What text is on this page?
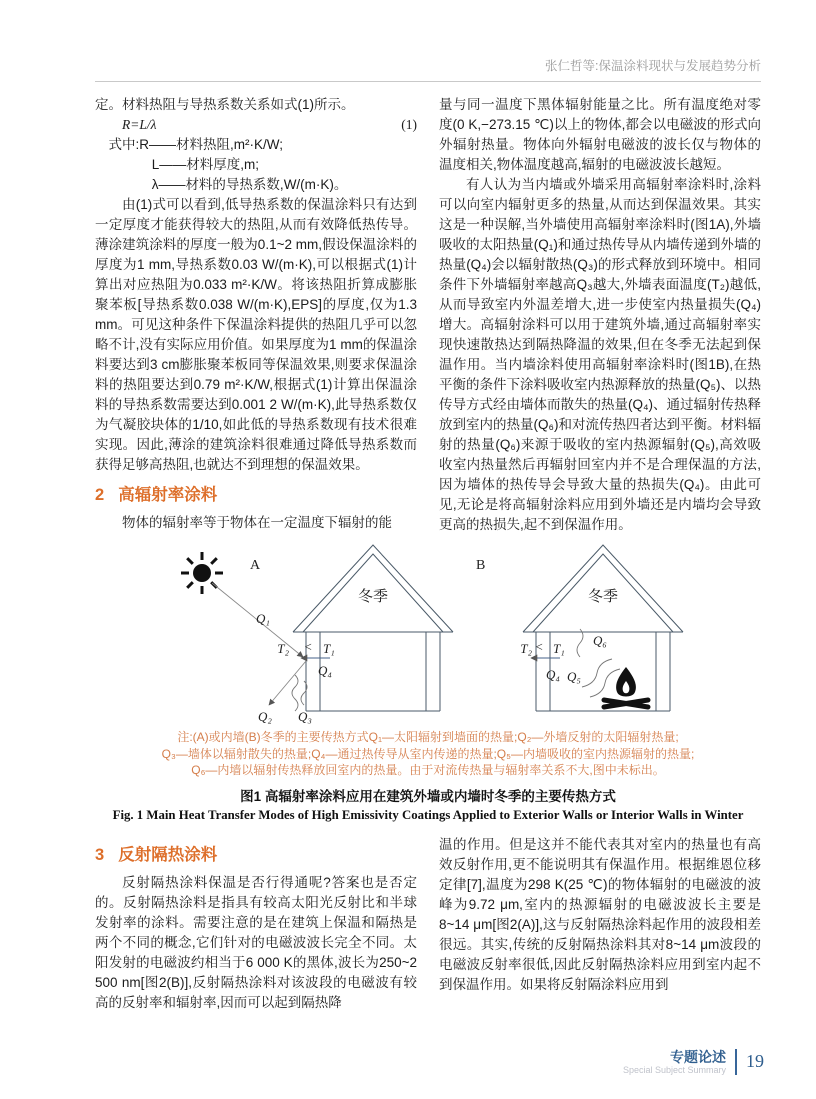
张仁哲等:保温涂料现状与发展趋势分析

定。材料热阻与导热系数关系如式(1)所示。

R=L/λ	(1)

式中:R——材料热阻,m²·K/W;

L——材料厚度,m;

λ——材料的导热系数,W/(m·K)。

由(1)式可以看到,低导热系数的保温涂料只有达到一定厚度才能获得较大的热阻,从而有效降低热传导。薄涂建筑涂料的厚度一般为0.1~2 mm,假设保温涂料的厚度为1 mm,导热系数0.03 W/(m·K),可以根据式(1)计算出对应热阻为0.033 m²·K/W。将该热阻折算成膨胀聚苯板[导热系数0.038 W/(m·K),EPS]的厚度,仅为1.3 mm。可见这种条件下保温涂料提供的热阻几乎可以忽略不计,没有实际应用价值。如果厚度为1 mm的保温涂料要达到3 cm膨胀聚苯板同等保温效果,则要求保温涂料的热阻要达到0.79 m²·K/W,根据式(1)计算出保温涂料的导热系数需要达到0.001 2 W/(m·K),此导热系数仅为气凝胶块体的1/10,如此低的导热系数现有技术很难实现。因此,薄涂的建筑涂料很难通过降低导热系数而获得足够高热阻,也就达不到理想的保温效果。

2 高辐射率涂料

物体的辐射率等于物体在一定温度下辐射的能

量与同一温度下黑体辐射能量之比。所有温度绝对零度(0 K,−273.15 ℃)以上的物体,都会以电磁波的形式向外辐射热量。物体向外辐射电磁波的波长仅与物体的温度相关,物体温度越高,辐射的电磁波波长越短。

有人认为当内墙或外墙采用高辐射率涂料时,涂料可以向室内辐射更多的热量,从而达到保温效果。其实这是一种误解,当外墙使用高辐射率涂料时(图1A),外墙吸收的太阳热量(Q₁)和通过热传导从内墙传递到外墙的热量(Q₄)会以辐射散热(Q₃)的形式释放到环境中。相同条件下外墙辐射率越高Q₃越大,外墙表面温度(T₂)越低,从而导致室内外温差增大,进一步使室内热量损失(Q₄)增大。高辐射涂料可以用于建筑外墙,通过高辐射率实现快速散热达到隔热降温的效果,但在冬季无法起到保温作用。当内墙涂料使用高辐射率涂料时(图1B),在热平衡的条件下涂料吸收室内热源释放的热量(Q₅)、以热传导方式经由墙体而散失的热量(Q₄)、通过辐射传热释放到室内的热量(Q₆)和对流传热四者达到平衡。材料辐射的热量(Q₆)来源于吸收的室内热源辐射(Q₅),高效吸收室内热量然后再辐射回室内并不是合理保温的方法,因为墙体的热传导会导致大量的热损失(Q₄)。由此可见,无论是将高辐射涂料应用到外墙还是内墙均会导致更高的热损失,起不到保温作用。

A	B
冬季
Q₁
Q₂ Q₃
T₂ < T₁
Q₄
冬季
T₂ < T₁
Q₄ Q₅
Q₆
注:(A)或内墙(B)冬季的主要传热方式Q₁—太阳辐射到墙面的热量;Q₂—外墙反射的太阳辐射热量;
Q₃—墙体以辐射散失的热量;Q₄—通过热传导从室内传递的热量;Q₅—内墙吸收的室内热源辐射的热量;
Q₆—内墙以辐射传热释放回室内的热量。由于对流传热量与辐射率关系不大,图中未标出。
图1 高辐射率涂料应用在建筑外墙或内墙时冬季的主要传热方式
Fig. 1 Main Heat Transfer Modes of High Emissivity Coatings Applied to Exterior Walls or Interior Walls in Winter
3 反射隔热涂料

反射隔热涂料保温是否行得通呢?答案也是否定的。反射隔热涂料是指具有较高太阳光反射比和半球发射率的涂料。需要注意的是在建筑上保温和隔热是两个不同的概念,它们针对的电磁波波长完全不同。太阳发射的电磁波约相当于6 000 K的黑体,波长为250~2 500 nm[图2(B)],反射隔热涂料对该波段的电磁波有较高的反射率和辐射率,因而可以起到隔热降

温的作用。但是这并不能代表其对室内的热量也有高效反射作用,更不能说明其有保温作用。根据维恩位移定律[7],温度为298 K(25 ℃)的物体辐射的电磁波的波峰为9.72 μm,室内的热源辐射的电磁波波长主要是8~14 μm[图2(A)],这与反射隔热涂料起作用的波段相差很远。其实,传统的反射隔热涂料其对8~14 μm波段的电磁波反射率很低,因此反射隔热涂料应用到室内起不到保温作用。如果将反射隔涂料应用到

专题论述
Special Subject Summary	19
